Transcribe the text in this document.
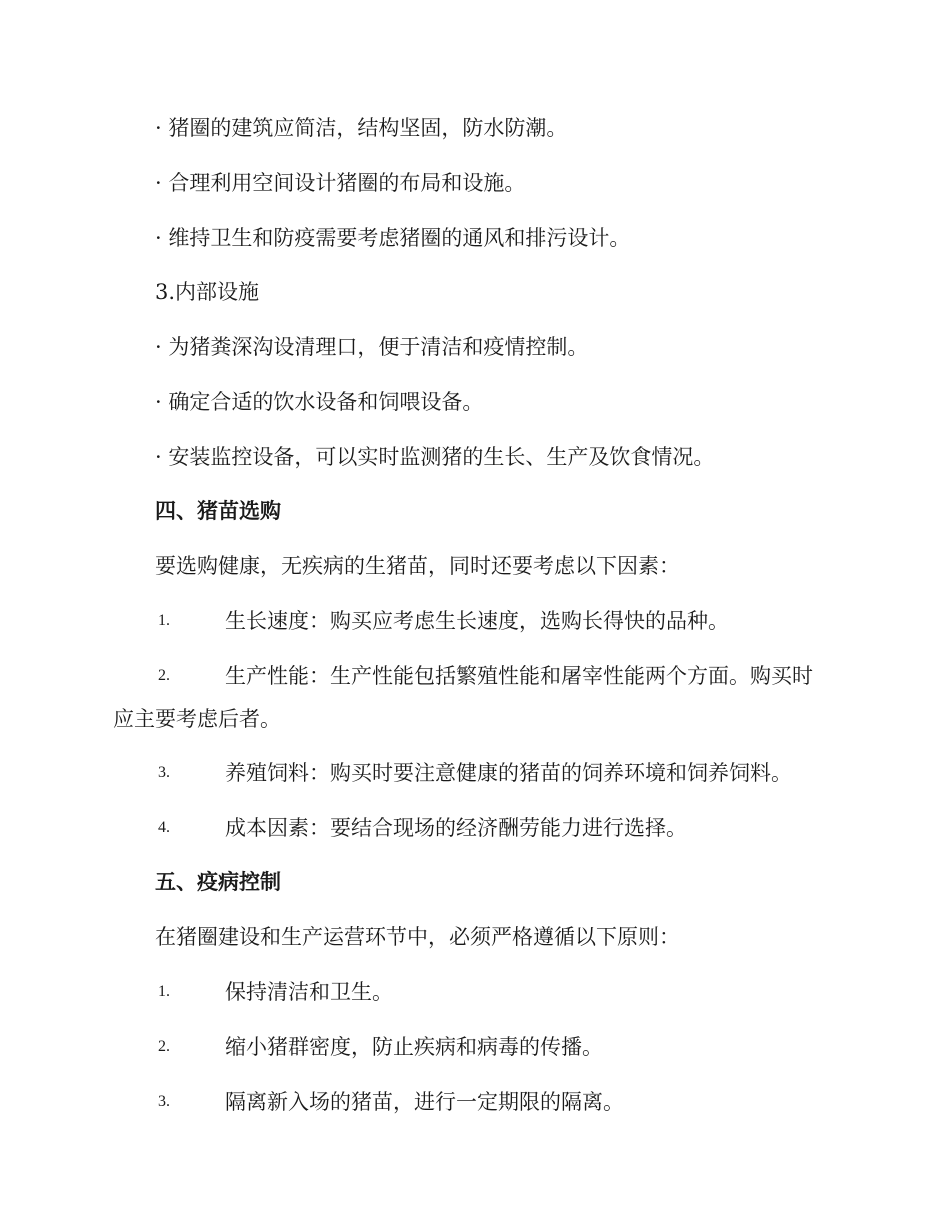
· 猪圈的建筑应简洁，结构坚固，防水防潮。
· 合理利用空间设计猪圈的布局和设施。
· 维持卫生和防疫需要考虑猪圈的通风和排污设计。
3.内部设施
· 为猪粪深沟设清理口，便于清洁和疫情控制。
· 确定合适的饮水设备和饲喂设备。
· 安装监控设备，可以实时监测猪的生长、生产及饮食情况。
四、猪苗选购
要选购健康，无疾病的生猪苗，同时还要考虑以下因素：
1.	生长速度：购买应考虑生长速度，选购长得快的品种。
2.	生产性能：生产性能包括繁殖性能和屠宰性能两个方面。购买时
应主要考虑后者。
3.	养殖饲料：购买时要注意健康的猪苗的饲养环境和饲养饲料。
4.	成本因素：要结合现场的经济酬劳能力进行选择。
五、疫病控制
在猪圈建设和生产运营环节中，必须严格遵循以下原则：
1.	保持清洁和卫生。
2.	缩小猪群密度，防止疾病和病毒的传播。
3.	隔离新入场的猪苗，进行一定期限的隔离。
